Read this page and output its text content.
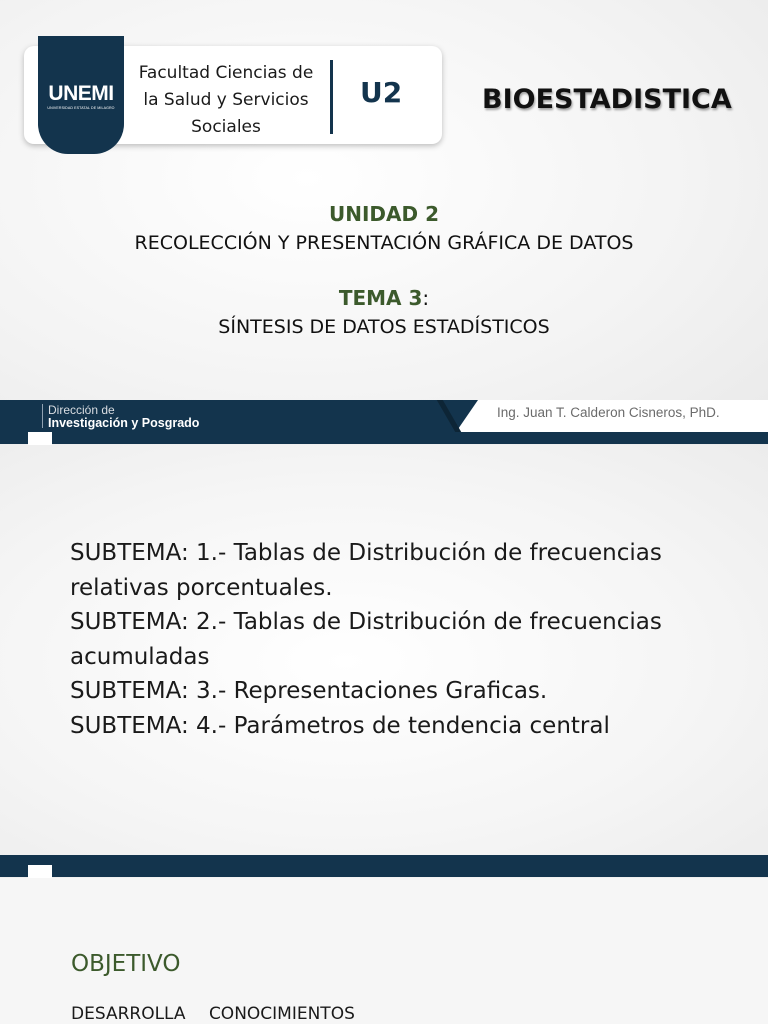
UNEMI
UNIVERSIDAD ESTATAL DE MILAGRO
Facultad Ciencias de
la Salud y Servicios
Sociales
U2	BIOESTADISTICA
UNIDAD 2
RECOLECCIÓN Y PRESENTACIÓN GRÁFICA DE DATOS
TEMA 3:
SÍNTESIS DE DATOS ESTADÍSTICOS
Dirección de
Investigación y Posgrado
Ing. Juan T. Calderon Cisneros, PhD.
SUBTEMA: 1.- Tablas de Distribución de frecuencias
relativas porcentuales.
SUBTEMA: 2.- Tablas de Distribución de frecuencias
acumuladas
SUBTEMA: 3.- Representaciones Graficas.
SUBTEMA: 4.- Parámetros de tendencia central
OBJETIVO
DESARROLLA CONOCIMIENTOS
